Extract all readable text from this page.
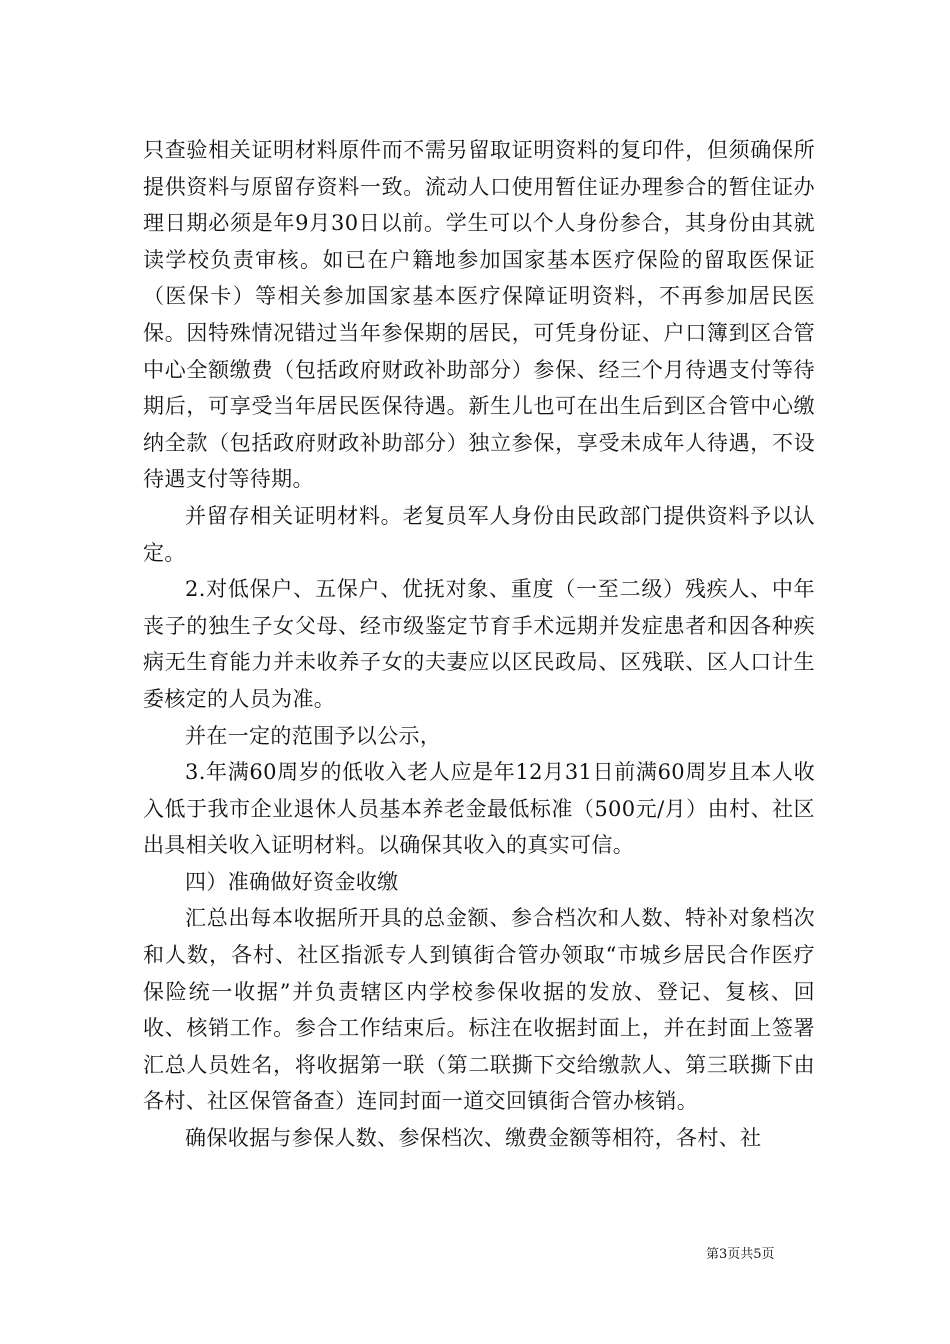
只查验相关证明材料原件而不需另留取证明资料的复印件，但须确保所提供资料与原留存资料一致。流动人口使用暂住证办理参合的暂住证办理日期必须是年9月30日以前。学生可以个人身份参合，其身份由其就读学校负责审核。如已在户籍地参加国家基本医疗保险的留取医保证（医保卡）等相关参加国家基本医疗保障证明资料，不再参加居民医保。因特殊情况错过当年参保期的居民，可凭身份证、户口簿到区合管中心全额缴费（包括政府财政补助部分）参保、经三个月待遇支付等待期后，可享受当年居民医保待遇。新生儿也可在出生后到区合管中心缴纳全款（包括政府财政补助部分）独立参保，享受未成年人待遇，不设待遇支付等待期。

并留存相关证明材料。老复员军人身份由民政部门提供资料予以认定。

2.对低保户、五保户、优抚对象、重度（一至二级）残疾人、中年丧子的独生子女父母、经市级鉴定节育手术远期并发症患者和因各种疾病无生育能力并未收养子女的夫妻应以区民政局、区残联、区人口计生委核定的人员为准。

并在一定的范围予以公示，

3.年满60周岁的低收入老人应是年12月31日前满60周岁且本人收入低于我市企业退休人员基本养老金最低标准（500元/月）由村、社区出具相关收入证明材料。以确保其收入的真实可信。

四）准确做好资金收缴

汇总出每本收据所开具的总金额、参合档次和人数、特补对象档次和人数，各村、社区指派专人到镇街合管办领取“市城乡居民合作医疗保险统一收据”并负责辖区内学校参保收据的发放、登记、复核、回收、核销工作。参合工作结束后。标注在收据封面上，并在封面上签署汇总人员姓名，将收据第一联（第二联撕下交给缴款人、第三联撕下由各村、社区保管备查）连同封面一道交回镇街合管办核销。

确保收据与参保人数、参保档次、缴费金额等相符，各村、社

第3页共5页
